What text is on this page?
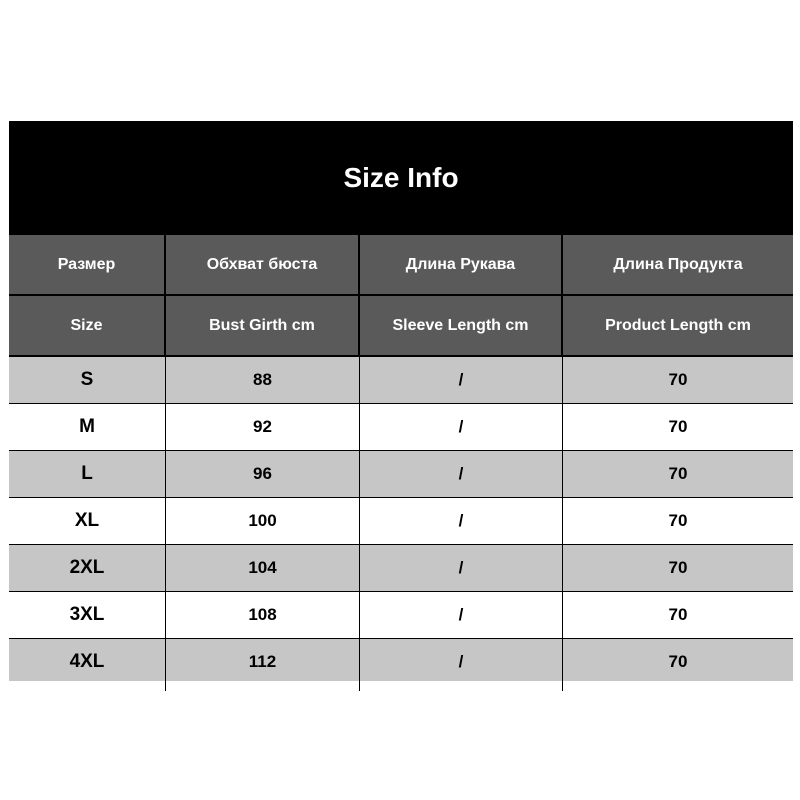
Size Info
Размер	Обхват бюста	Длина Рукава	Длина Продукта
Size	Bust Girth cm	Sleeve Length cm	Product Length cm
S	88	/	70
M	92	/	70
L	96	/	70
XL	100	/	70
2XL	104	/	70
3XL	108	/	70
4XL	112	/	70
